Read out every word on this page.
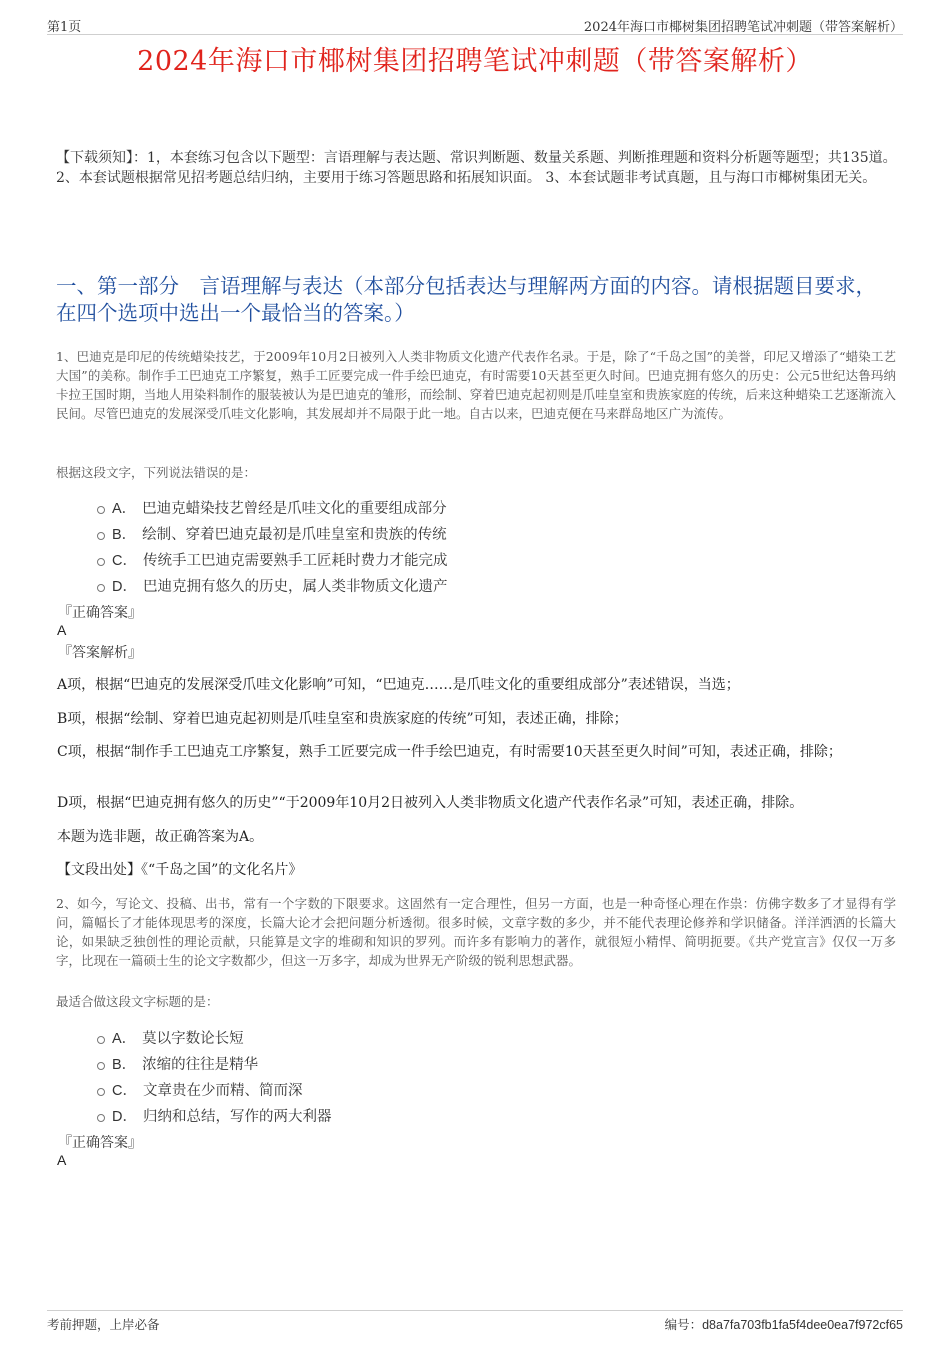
第1页	2024年海口市椰树集团招聘笔试冲刺题（带答案解析）
2024年海口市椰树集团招聘笔试冲刺题（带答案解析）
【下载须知】：1，本套练习包含以下题型：言语理解与表达题、常识判断题、数量关系题、判断推理题和资料分析题等题型；共135道。 2、本套试题根据常见招考题总结归纳，主要用于练习答题思路和拓展知识面。 3、本套试题非考试真题，且与海口市椰树集团无关。
一、第一部分　言语理解与表达（本部分包括表达与理解两方面的内容。请根据题目要求，在四个选项中选出一个最恰当的答案。）
1、巴迪克是印尼的传统蜡染技艺，于2009年10月2日被列入人类非物质文化遗产代表作名录。于是，除了“千岛之国”的美誉，印尼又增添了“蜡染工艺大国”的美称。制作手工巴迪克工序繁复，熟手工匠要完成一件手绘巴迪克，有时需要10天甚至更久时间。巴迪克拥有悠久的历史：公元5世纪达鲁玛纳卡拉王国时期，当地人用染料制作的服装被认为是巴迪克的雏形，而绘制、穿着巴迪克起初则是爪哇皇室和贵族家庭的传统，后来这种蜡染工艺逐渐流入民间。尽管巴迪克的发展深受爪哇文化影响，其发展却并不局限于此一地。自古以来，巴迪克便在马来群岛地区广为流传。
根据这段文字，下列说法错误的是：
A． 巴迪克蜡染技艺曾经是爪哇文化的重要组成部分
B． 绘制、穿着巴迪克最初是爪哇皇室和贵族的传统
C． 传统手工巴迪克需要熟手工匠耗时费力才能完成
D． 巴迪克拥有悠久的历史，属人类非物质文化遗产
『正确答案』
A
『答案解析』
A项，根据“巴迪克的发展深受爪哇文化影响”可知，“巴迪克……是爪哇文化的重要组成部分”表述错误，当选；
B项，根据“绘制、穿着巴迪克起初则是爪哇皇室和贵族家庭的传统”可知，表述正确，排除；
C项，根据“制作手工巴迪克工序繁复，熟手工匠要完成一件手绘巴迪克，有时需要10天甚至更久时间”可知，表述正确，排除；
D项，根据“巴迪克拥有悠久的历史”“于2009年10月2日被列入人类非物质文化遗产代表作名录”可知，表述正确，排除。
本题为选非题，故正确答案为A。
【文段出处】《“千岛之国”的文化名片》
2、如今，写论文、投稿、出书，常有一个字数的下限要求。这固然有一定合理性，但另一方面，也是一种奇怪心理在作祟：仿佛字数多了才显得有学问，篇幅长了才能体现思考的深度，长篇大论才会把问题分析透彻。很多时候，文章字数的多少，并不能代表理论修养和学识储备。洋洋洒洒的长篇大论，如果缺乏独创性的理论贡献，只能算是文字的堆砌和知识的罗列。而许多有影响力的著作，就很短小精悍、简明扼要。《共产党宣言》仅仅一万多字，比现在一篇硕士生的论文字数都少，但这一万多字，却成为世界无产阶级的锐利思想武器。
最适合做这段文字标题的是：
A． 莫以字数论长短
B． 浓缩的往往是精华
C． 文章贵在少而精、简而深
D． 归纳和总结，写作的两大利器
『正确答案』
A
考前押题，上岸必备	编号：d8a7fa703fb1fa5f4dee0ea7f972cf65
